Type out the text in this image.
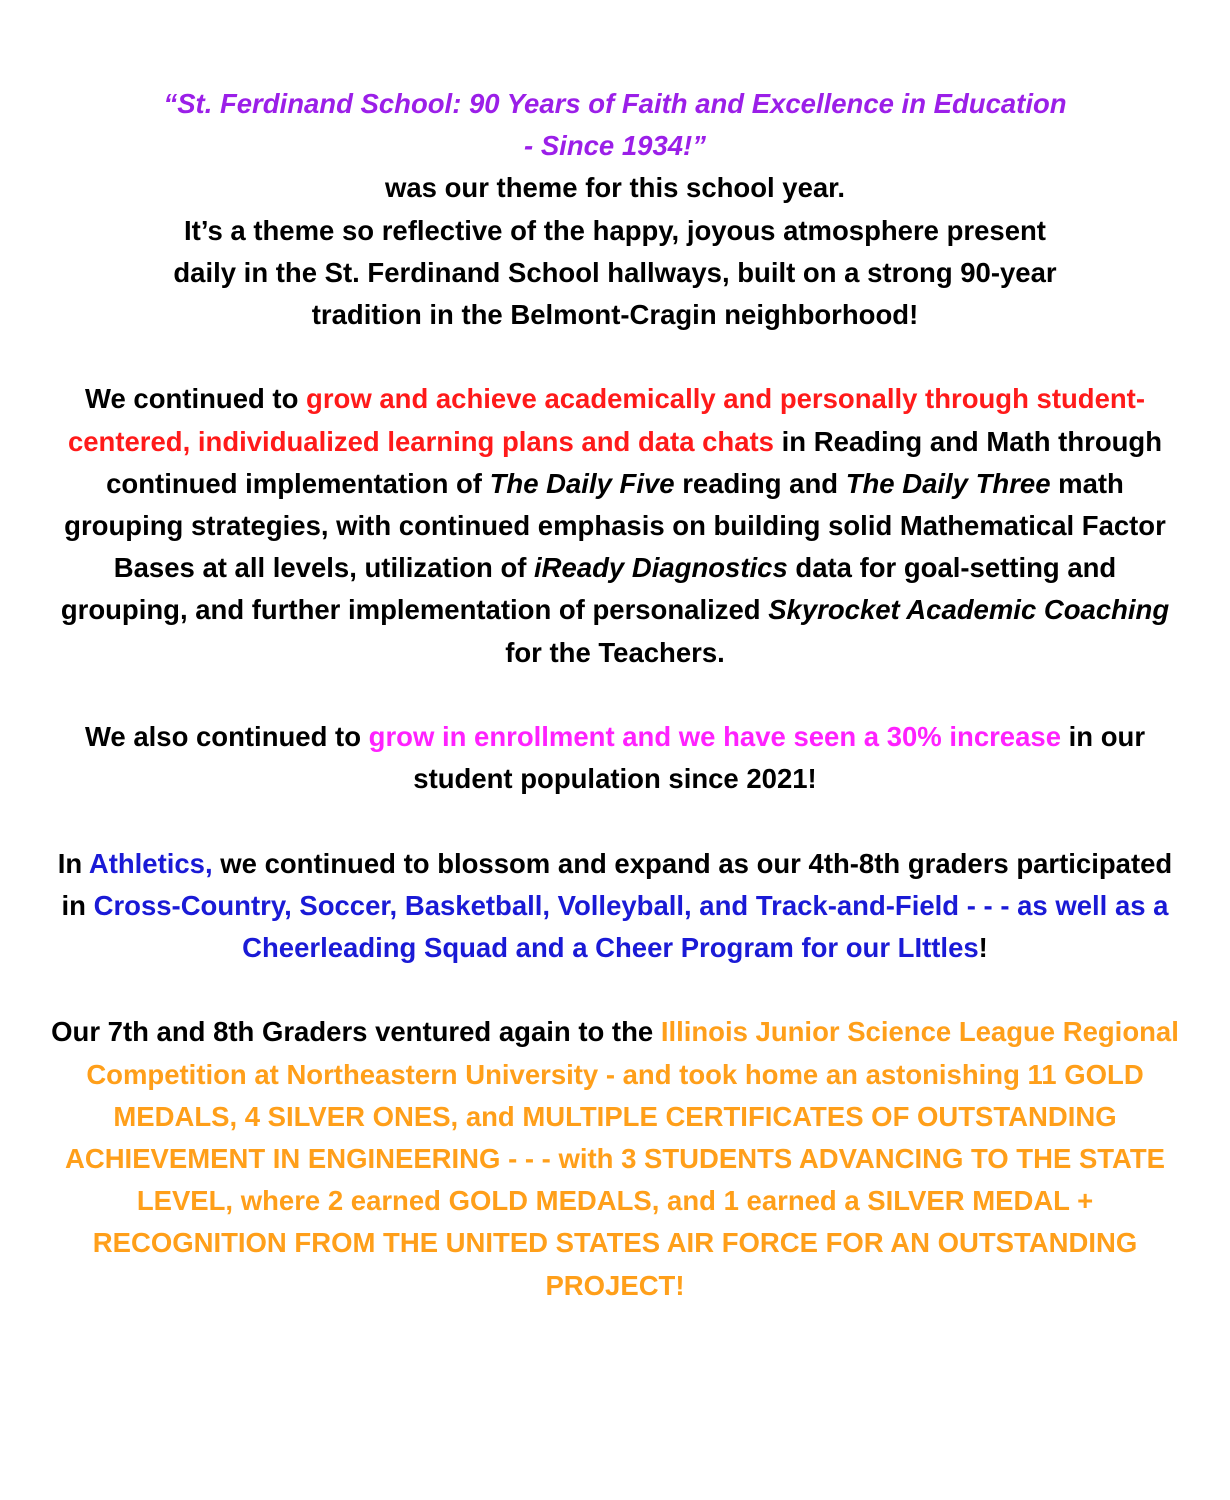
“St. Ferdinand School: 90 Years of Faith and Excellence in Education
- Since 1934!”
was our theme for this school year.
It’s a theme so reflective of the happy, joyous atmosphere present
daily in the St. Ferdinand School hallways, built on a strong 90-year
tradition in the Belmont-Cragin neighborhood!
We continued to grow and achieve academically and personally through student-centered, individualized learning plans and data chats in Reading and Math through continued implementation of The Daily Five reading and The Daily Three math grouping strategies, with continued emphasis on building solid Mathematical Factor Bases at all levels, utilization of iReady Diagnostics data for goal-setting and grouping, and further implementation of personalized Skyrocket Academic Coaching for the Teachers.
We also continued to grow in enrollment and we have seen a 30% increase in our student population since 2021!
In Athletics, we continued to blossom and expand as our 4th-8th graders participated in Cross-Country, Soccer, Basketball, Volleyball, and Track-and-Field - - - as well as a Cheerleading Squad and a Cheer Program for our LIttles!
Our 7th and 8th Graders ventured again to the Illinois Junior Science League Regional Competition at Northeastern University - and took home an astonishing 11 GOLD MEDALS, 4 SILVER ONES, and MULTIPLE CERTIFICATES OF OUTSTANDING ACHIEVEMENT IN ENGINEERING - - - with 3 STUDENTS ADVANCING TO THE STATE LEVEL, where 2 earned GOLD MEDALS, and 1 earned a SILVER MEDAL + RECOGNITION FROM THE UNITED STATES AIR FORCE FOR AN OUTSTANDING PROJECT!
